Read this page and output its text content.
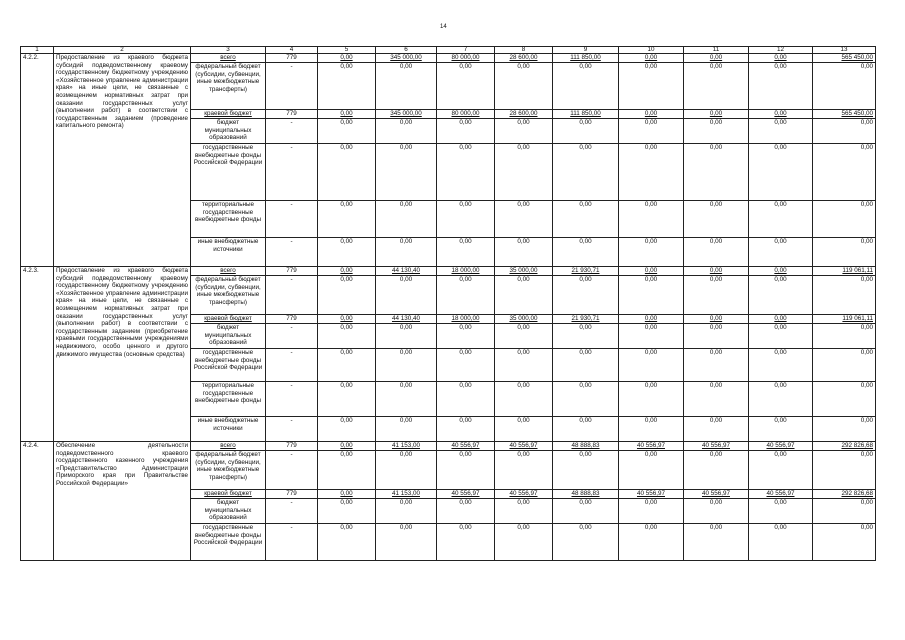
14
1	2	3	4	5	6	7	8	9	10	11	12	13
4.2.2.	Предоставление из краевого бюджета субсидий подведомственному краевому государственному бюджетному учреждению «Хозяйственное управление администрации края» на иные цели, не связанные с возмещением нормативных затрат при оказании государственных услуг (выполнении работ) в соответствии с государственным заданием (проведение капитального ремонта)	всего	779	0,00	345 000,00	80 000,00	28 600,00	111 850,00	0,00	0,00	0,00	565 450,00
		федеральный бюджет (субсидии, субвенции, иные межбюджетные трансферты)	-	0,00	0,00	0,00	0,00	0,00	0,00	0,00	0,00	0,00
		краевой бюджет	779	0,00	345 000,00	80 000,00	28 600,00	111 850,00	0,00	0,00	0,00	565 450,00
		бюджет муниципальных образований	-	0,00	0,00	0,00	0,00	0,00	0,00	0,00	0,00	0,00
		государственные внебюджетные фонды Российской Федерации	-	0,00	0,00	0,00	0,00	0,00	0,00	0,00	0,00	0,00
		территориальные государственные внебюджетные фонды	-	0,00	0,00	0,00	0,00	0,00	0,00	0,00	0,00	0,00
		иные внебюджетные источники	-	0,00	0,00	0,00	0,00	0,00	0,00	0,00	0,00	0,00
4.2.3.	Предоставление из краевого бюджета субсидий подведомственному краевому государственному бюджетному учреждению «Хозяйственное управление администрации края» на иные цели, не связанные с возмещением нормативных затрат при оказании государственных услуг (выполнении работ) в соответствии с государственным заданием (приобретение краевыми государственными учреждениями недвижимого, особо ценного и другого движимого имущества (основные средства)	всего	779	0,00	44 130,40	18 000,00	35 000,00	21 930,71	0,00	0,00	0,00	119 061,11
		федеральный бюджет (субсидии, субвенции, иные межбюджетные трансферты)	-	0,00	0,00	0,00	0,00	0,00	0,00	0,00	0,00	0,00
		краевой бюджет	779	0,00	44 130,40	18 000,00	35 000,00	21 930,71	0,00	0,00	0,00	119 061,11
		бюджет муниципальных образований	-	0,00	0,00	0,00	0,00	0,00	0,00	0,00	0,00	0,00
		государственные внебюджетные фонды Российской Федерации	-	0,00	0,00	0,00	0,00	0,00	0,00	0,00	0,00	0,00
		территориальные государственные внебюджетные фонды	-	0,00	0,00	0,00	0,00	0,00	0,00	0,00	0,00	0,00
		иные внебюджетные источники	-	0,00	0,00	0,00	0,00	0,00	0,00	0,00	0,00	0,00
4.2.4.	Обеспечение деятельности подведомственного краевого государственного казенного учреждения «Представительство Администрации Приморского края при Правительстве Российской Федерации»	всего	779	0,00	41 153,00	40 556,97	40 556,97	48 888,83	40 556,97	40 556,97	40 556,97	292 826,68
		федеральный бюджет (субсидии, субвенции, иные межбюджетные трансферты)	-	0,00	0,00	0,00	0,00	0,00	0,00	0,00	0,00	0,00
		краевой бюджет	779	0,00	41 153,00	40 556,97	40 556,97	48 888,83	40 556,97	40 556,97	40 556,97	292 826,68
		бюджет муниципальных образований	-	0,00	0,00	0,00	0,00	0,00	0,00	0,00	0,00	0,00
		государственные внебюджетные фонды Российской Федерации	-	0,00	0,00	0,00	0,00	0,00	0,00	0,00	0,00	0,00
